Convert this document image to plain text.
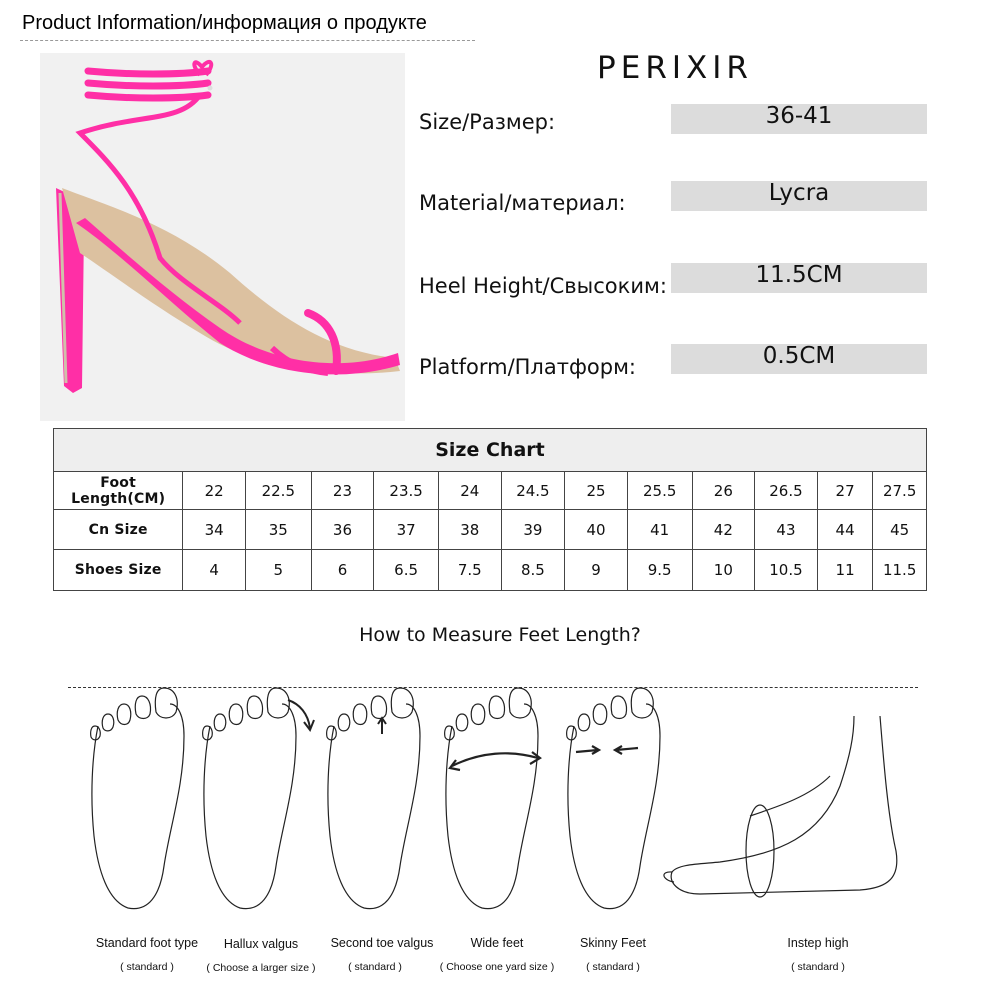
Product Information/информация о продукте
PERIXIR
Size/Размер:	36-41
Material/материал:	Lycra
Heel Height/Свысоким:	11.5CM
Platform/Платформ:	0.5CM
Size Chart												
Foot Length(CM)	22	22.5	23	23.5	24	24.5	25	25.5	26	26.5	27	27.5
Cn Size	34	35	36	37	38	39	40	41	42	43	44	45
Shoes Size	4	5	6	6.5	7.5	8.5	9	9.5	10	10.5	11	11.5
How to Measure Feet Length?
Standard foot type
( standard )
Hallux valgus
( Choose a larger size )
Second toe valgus
( standard )
Wide feet
( Choose one yard size )
Skinny Feet
( standard )
Instep high
( standard )
